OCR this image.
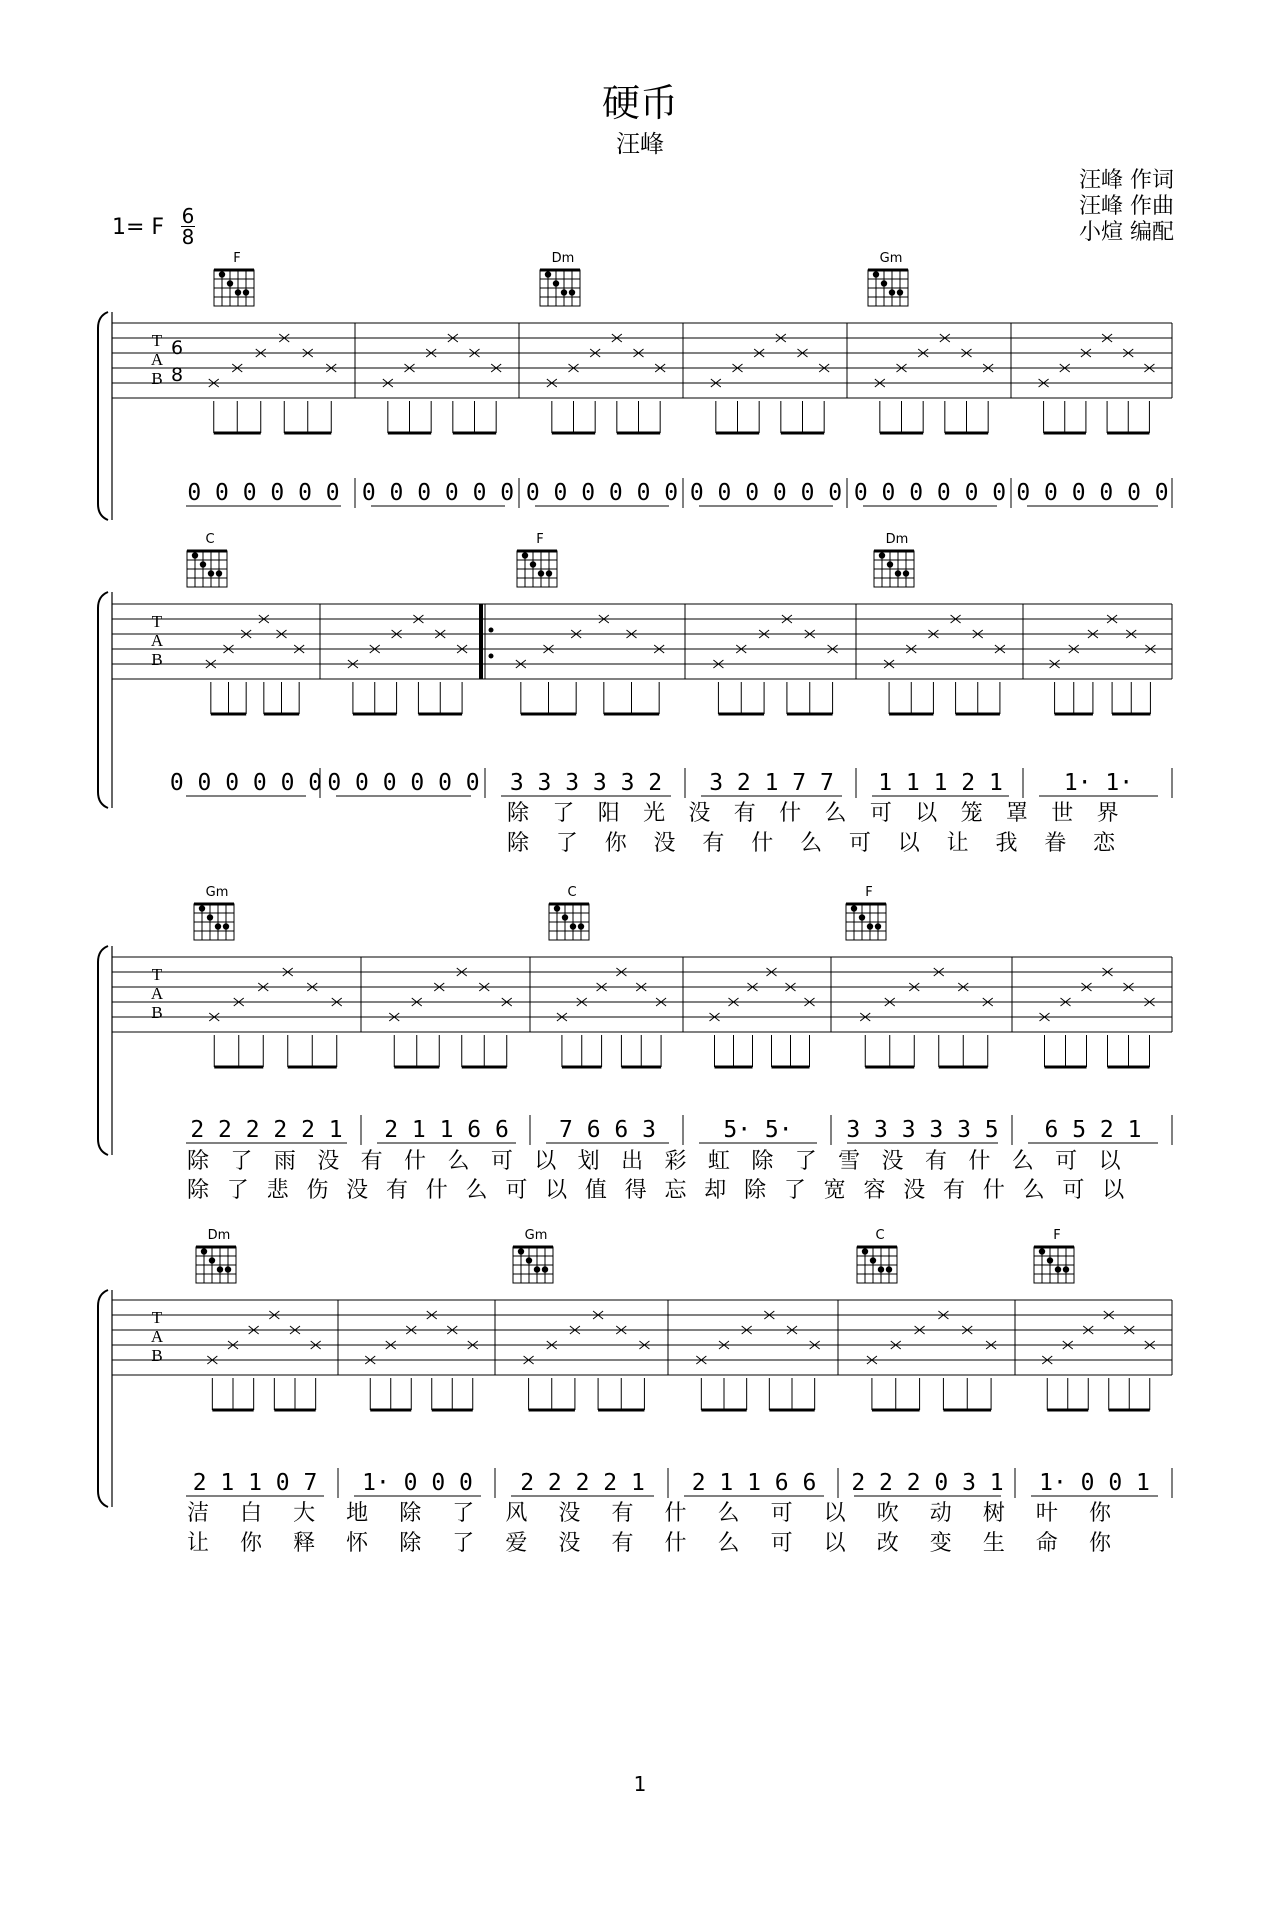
硬币
汪峰
汪峰 作词
汪峰 作曲
小煊 编配
1= F 6
8
F	Dm	Gm
0 0 0 0 0 0 0 0 0 0 0 0 0 0 0 0 0 0 0 0 0 0 0 0 0 0 0 0 0 0 0 0 0 0 0 0
T
A
B
6
8
C	F	Dm
0 0 0 0 0 0 0 0 0 0 0 0 3 3 3 3 3 2 3 2 1 7 7 1 1 1 2 1	1· 1·
除 了 阳 光 没 有 什 么 可 以 笼 罩 世 界
除 了 你 没 有 什 么 可 以 让 我 眷 恋
T
A
B
Gm	C	F
2 2 2 2 2 1 2 1 1 6 6 7 6 6 3	5· 5· 3 3 3 3 3 5 6 5 2 1
除 了 雨 没 有 什 么 可 以 划 出 彩 虹 除 了 雪 没 有 什 么 可 以
除 了 悲 伤 没 有 什 么 可 以 值 得 忘 却 除 了 宽 容 没 有 什 么 可 以
T
A
B
Dm	Gm	C	F
2 1 1 0 7 1· 0 0 0 2 2 2 2 1 2 1 1 6 6 2 2 2 0 3 1 1· 0 0 1
洁 白 大 地 除 了 风 没 有 什 么 可 以 吹 动 树 叶 你
让 你 释 怀 除 了 爱 没 有 什 么 可 以 改 变 生 命 你
T
A
B
1
